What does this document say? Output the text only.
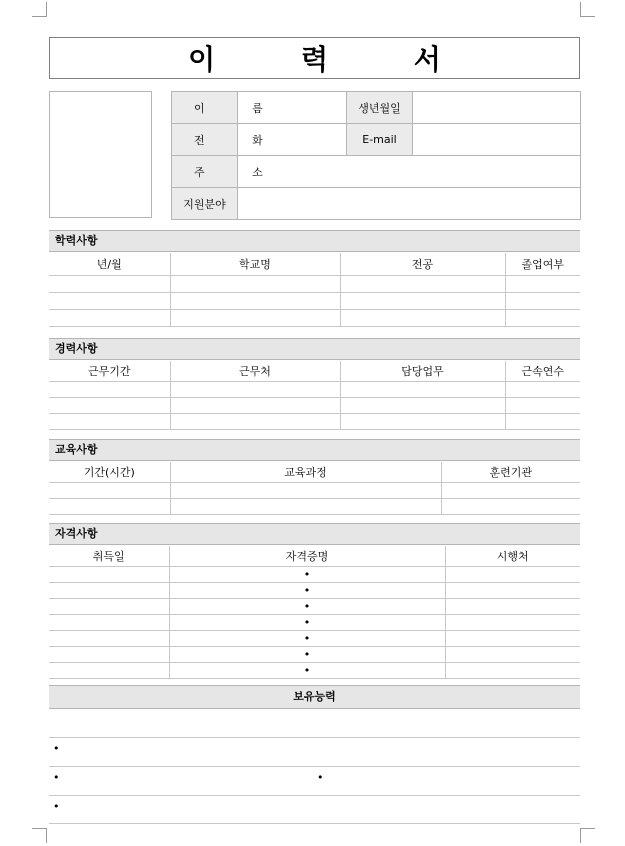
이 력 서
이 름		생년월일	
전 화		E-mail	
주 소			
지원분야			
학력사항
년/월	학교명	전공	졸업여부

경력사항
근무기간	근무처	담당업무	근속연수

교육사항
기간(시간)	교육과정	훈련기관

자격사항
취득일	자격증명	시행처
	•	
	•	
	•	
	•	
	•	
	•	
	•	
보유능력
•
•	•
•
